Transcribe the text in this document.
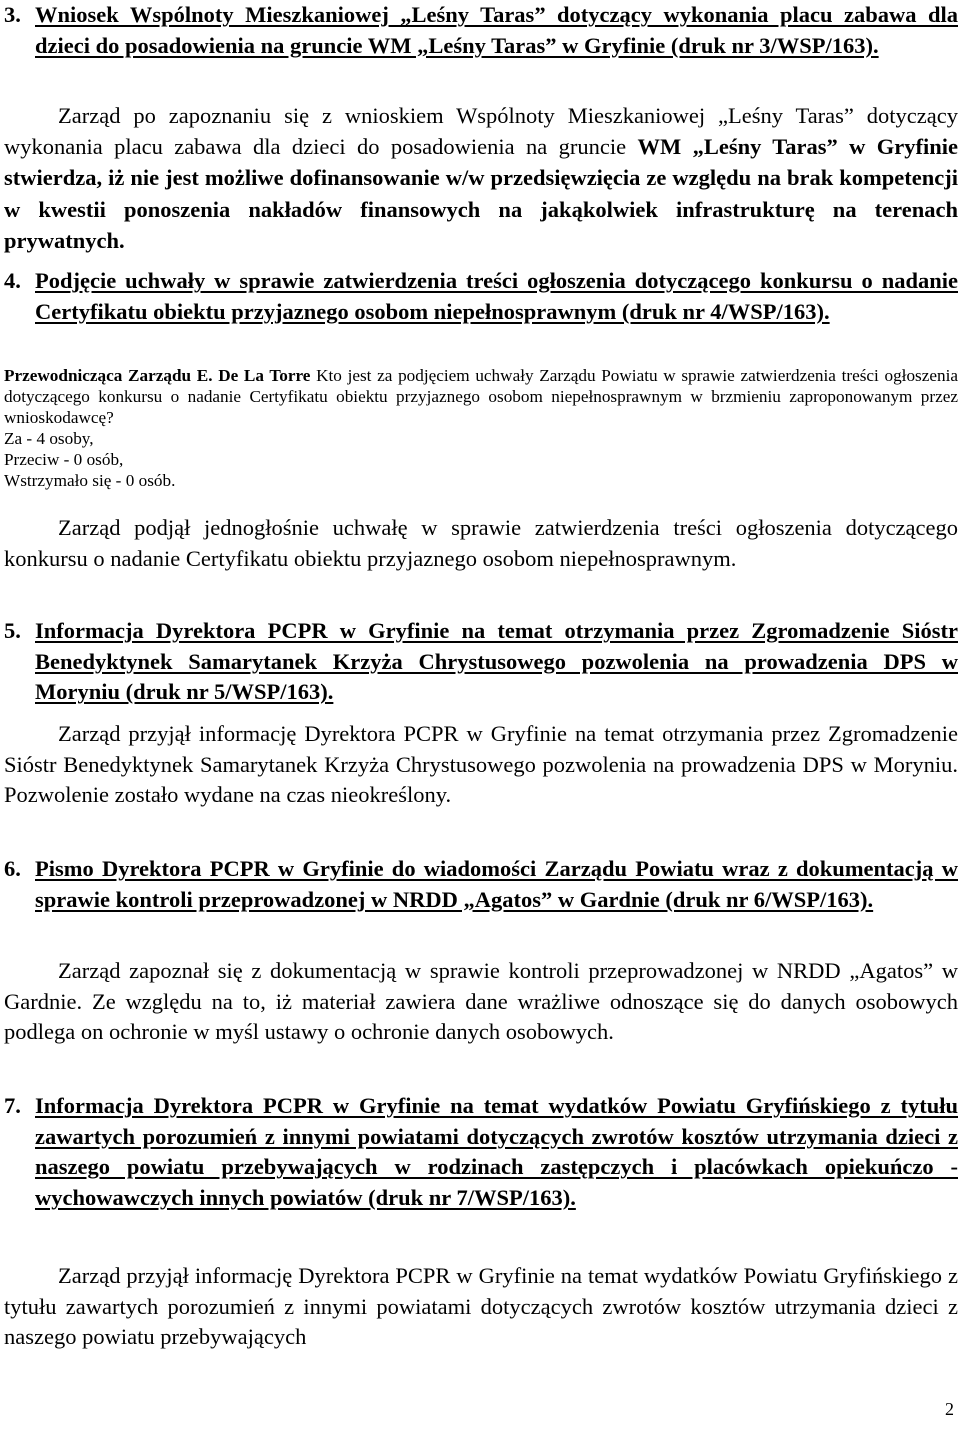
3. Wniosek Wspólnoty Mieszkaniowej „Leśny Taras” dotyczący wykonania placu zabawa dla dzieci do posadowienia na gruncie WM „Leśny Taras” w Gryfinie (druk nr 3/WSP/163).

Zarząd po zapoznaniu się z wnioskiem Wspólnoty Mieszkaniowej „Leśny Taras” dotyczący wykonania placu zabawa dla dzieci do posadowienia na gruncie WM „Leśny Taras” w Gryfinie stwierdza, iż nie jest możliwe dofinansowanie w/w przedsięwzięcia ze względu na brak kompetencji w kwestii ponoszenia nakładów finansowych na jakąkolwiek infrastrukturę na terenach prywatnych.

4. Podjęcie uchwały w sprawie zatwierdzenia treści ogłoszenia dotyczącego konkursu o nadanie Certyfikatu obiektu przyjaznego osobom niepełnosprawnym (druk nr 4/WSP/163).

Przewodnicząca Zarządu E. De La Torre Kto jest za podjęciem uchwały Zarządu Powiatu w sprawie zatwierdzenia treści ogłoszenia dotyczącego konkursu o nadanie Certyfikatu obiektu przyjaznego osobom niepełnosprawnym w brzmieniu zaproponowanym przez wnioskodawcę?
Za - 4 osoby,
Przeciw - 0 osób,
Wstrzymało się - 0 osób.

Zarząd podjął jednogłośnie uchwałę w sprawie zatwierdzenia treści ogłoszenia dotyczącego konkursu o nadanie Certyfikatu obiektu przyjaznego osobom niepełnosprawnym.

5. Informacja Dyrektora PCPR w Gryfinie na temat otrzymania przez Zgromadzenie Sióstr Benedyktynek Samarytanek Krzyża Chrystusowego pozwolenia na prowadzenia DPS w Moryniu (druk nr 5/WSP/163).

Zarząd przyjął informację Dyrektora PCPR w Gryfinie na temat otrzymania przez Zgromadzenie Sióstr Benedyktynek Samarytanek Krzyża Chrystusowego pozwolenia na prowadzenia DPS w Moryniu. Pozwolenie zostało wydane na czas nieokreślony.

6. Pismo Dyrektora PCPR w Gryfinie do wiadomości Zarządu Powiatu wraz z dokumentacją w sprawie kontroli przeprowadzonej w NRDD „Agatos” w Gardnie (druk nr 6/WSP/163).

Zarząd zapoznał się z dokumentacją w sprawie kontroli przeprowadzonej w NRDD „Agatos” w Gardnie. Ze względu na to, iż materiał zawiera dane wrażliwe odnoszące się do danych osobowych podlega on ochronie w myśl ustawy o ochronie danych osobowych.

7. Informacja Dyrektora PCPR w Gryfinie na temat wydatków Powiatu Gryfińskiego z tytułu zawartych porozumień z innymi powiatami dotyczących zwrotów kosztów utrzymania dzieci z naszego powiatu przebywających w rodzinach zastępczych i placówkach opiekuńczo - wychowawczych innych powiatów (druk nr 7/WSP/163).

Zarząd przyjął informację Dyrektora PCPR w Gryfinie na temat wydatków Powiatu Gryfińskiego z tytułu zawartych porozumień z innymi powiatami dotyczących zwrotów kosztów utrzymania dzieci z naszego powiatu przebywających

2
